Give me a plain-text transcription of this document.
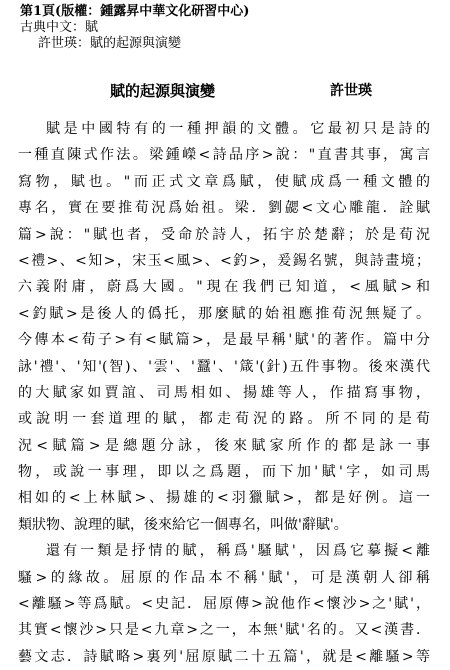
第1頁(版權：鍾露昇中華文化研習中心)
古典中文：賦
許世瑛：賦的起源與演變
賦的起源與演變	許世瑛
賦是中國特有的一種押韻的文體。它最初只是詩的
一種直陳式作法。梁鍾嶸<詩品序>說："直書其事，寓言
寫物，賦也。"而正式文章爲賦，使賦成爲一種文體的
專名，實在要推荀況爲始祖。梁．劉勰<文心雕龍．詮賦
篇>說："賦也者，受命於詩人，拓宇於楚辭；於是荀況
<禮>、<知>，宋玉<風>、<釣>，爰錫名號，與詩畫境；
六義附庸，蔚爲大國。"現在我們已知道，<風賦>和
<釣賦>是後人的僞托，那麼賦的始祖應推荀況無疑了。
今傳本<荀子>有<賦篇>，是最早稱'賦'的著作。篇中分
詠'禮'、'知'(智)、'雲'、'蠶'、'箴'(針)五件事物。後來漢代
的大賦家如賈誼、司馬相如、揚雄等人，作描寫事物，
或說明一套道理的賦，都走荀況的路。所不同的是荀
況<賦篇>是總題分詠，後來賦家所作的都是詠一事
物，或說一事理，即以之爲題，而下加'賦'字，如司馬
相如的<上林賦>、揚雄的<羽獵賦>，都是好例。這一
類狀物、說理的賦，後來給它一個專名，叫做'辭賦'。
還有一類是抒情的賦，稱爲'騷賦'，因爲它摹擬<離
騷>的緣故。屈原的作品本不稱'賦'，可是漢朝人卻稱
<離騷>等爲賦。<史記．屈原傳>說他作<懷沙>之'賦'，
其實<懷沙>只是<九章>之一，本無'賦'名的。又<漢書．
藝文志．詩賦略>裏列'屈原賦二十五篇'，就是<離騷>等
